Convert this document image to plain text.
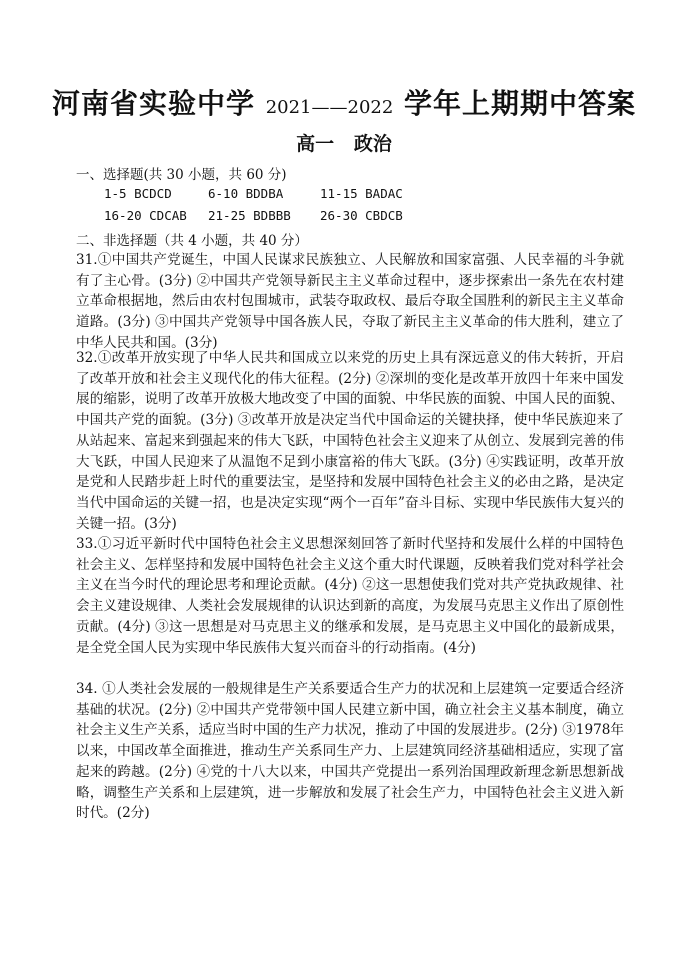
河南省实验中学 2021——2022 学年上期期中答案
高一   政治
一、选择题(共 30 小题，共 60 分)
1-5 BCDCD	6-10 BDDBA	11-15 BADAC
16-20 CDCAB 21-25 BDBBB 26-30 CBDCB
二、非选择题（共 4 小题，共 40 分）

31.①中国共产党诞生，中国人民谋求民族独立、人民解放和国家富强、人民幸福的斗争就有了主心骨。(3分) ②中国共产党领导新民主主义革命过程中，逐步探索出一条先在农村建立革命根据地，然后由农村包围城市，武装夺取政权、最后夺取全国胜利的新民主主义革命道路。(3分) ③中国共产党领导中国各族人民，夺取了新民主主义革命的伟大胜利，建立了中华人民共和国。(3分)

32.①改革开放实现了中华人民共和国成立以来党的历史上具有深远意义的伟大转折，开启了改革开放和社会主义现代化的伟大征程。(2分) ②深圳的变化是改革开放四十年来中国发展的缩影，说明了改革开放极大地改变了中国的面貌、中华民族的面貌、中国人民的面貌、中国共产党的面貌。(3分) ③改革开放是决定当代中国命运的关键抉择，使中华民族迎来了从站起来、富起来到强起来的伟大飞跃，中国特色社会主义迎来了从创立、发展到完善的伟大飞跃，中国人民迎来了从温饱不足到小康富裕的伟大飞跃。(3分) ④实践证明，改革开放是党和人民踏步赶上时代的重要法宝，是坚持和发展中国特色社会主义的必由之路，是决定当代中国命运的关键一招，也是决定实现“两个一百年”奋斗目标、实现中华民族伟大复兴的关键一招。(3分)

33.①习近平新时代中国特色社会主义思想深刻回答了新时代坚持和发展什么样的中国特色社会主义、怎样坚持和发展中国特色社会主义这个重大时代课题，反映着我们党对科学社会主义在当今时代的理论思考和理论贡献。(4分) ②这一思想使我们党对共产党执政规律、社会主义建设规律、人类社会发展规律的认识达到新的高度，为发展马克思主义作出了原创性贡献。(4分) ③这一思想是对马克思主义的继承和发展，是马克思主义中国化的最新成果，是全党全国人民为实现中华民族伟大复兴而奋斗的行动指南。(4分)

34. ①人类社会发展的一般规律是生产关系要适合生产力的状况和上层建筑一定要适合经济基础的状况。(2分) ②中国共产党带领中国人民建立新中国，确立社会主义基本制度，确立社会主义生产关系，适应当时中国的生产力状况，推动了中国的发展进步。(2分) ③1978年以来，中国改革全面推进，推动生产关系同生产力、上层建筑同经济基础相适应，实现了富起来的跨越。(2分) ④党的十八大以来，中国共产党提出一系列治国理政新理念新思想新战略，调整生产关系和上层建筑，进一步解放和发展了社会生产力，中国特色社会主义进入新时代。(2分)
